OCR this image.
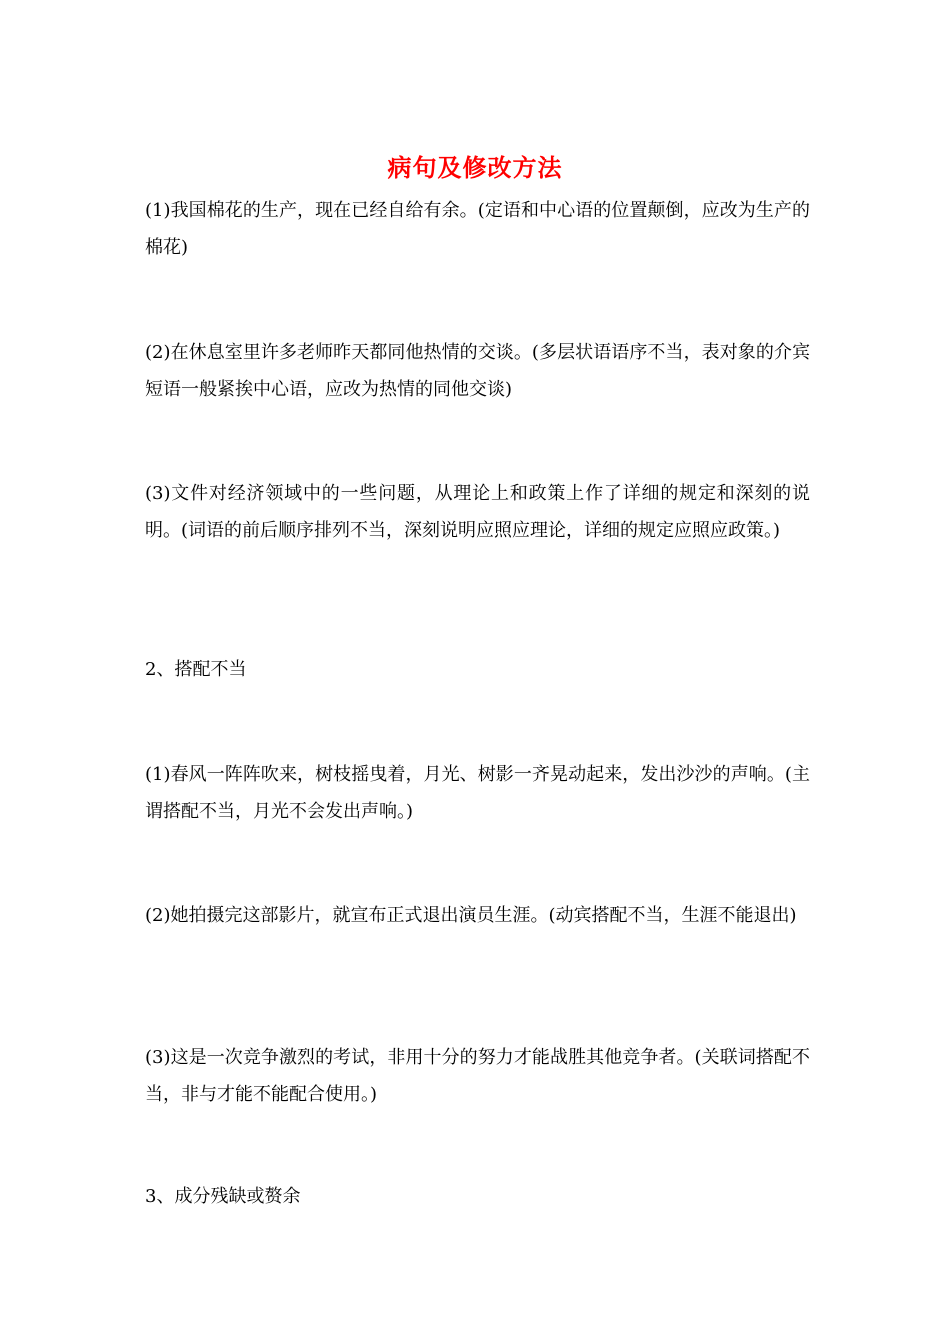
病句及修改方法
(1)我国棉花的生产，现在已经自给有余。(定语和中心语的位置颠倒，应改为生产的棉花)
(2)在休息室里许多老师昨天都同他热情的交谈。(多层状语语序不当，表对象的介宾短语一般紧挨中心语，应改为热情的同他交谈)
(3)文件对经济领域中的一些问题，从理论上和政策上作了详细的规定和深刻的说明。(词语的前后顺序排列不当，深刻说明应照应理论，详细的规定应照应政策。)
2、搭配不当
(1)春风一阵阵吹来，树枝摇曳着，月光、树影一齐晃动起来，发出沙沙的声响。(主谓搭配不当，月光不会发出声响。)
(2)她拍摄完这部影片，就宣布正式退出演员生涯。(动宾搭配不当，生涯不能退出)
(3)这是一次竞争激烈的考试，非用十分的努力才能战胜其他竞争者。(关联词搭配不当，非与才能不能配合使用。)
3、成分残缺或赘余
